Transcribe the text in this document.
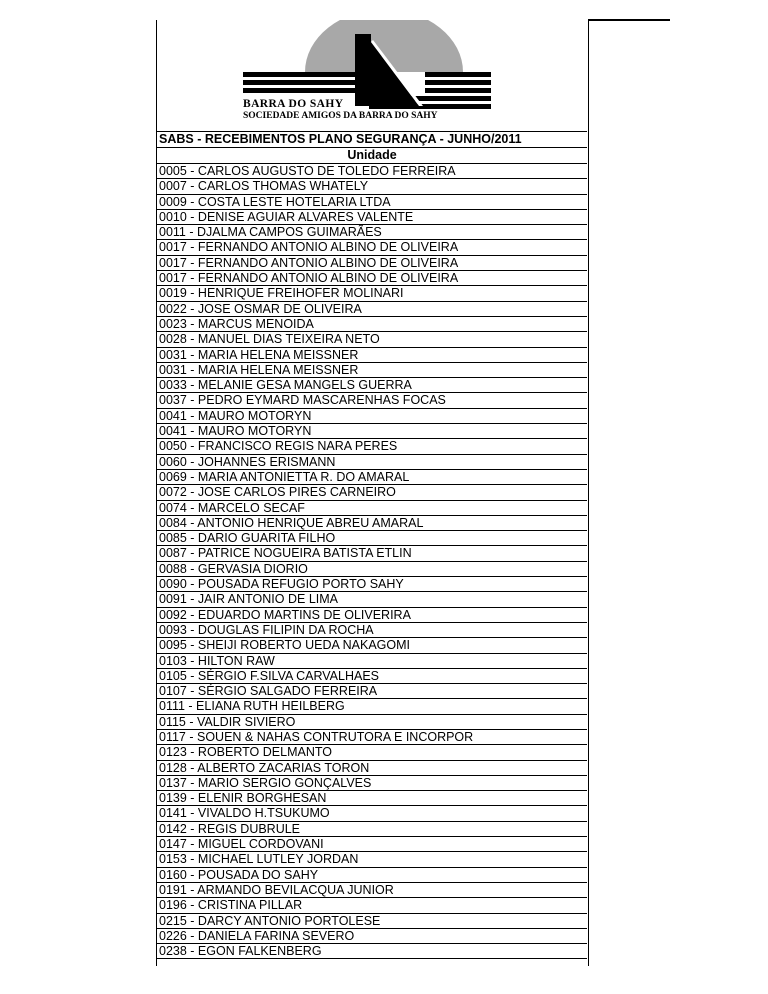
BARRA DO SAHY
SOCIEDADE AMIGOS DA BARRA DO SAHY
SABS - RECEBIMENTOS PLANO SEGURANÇA - JUNHO/2011
Unidade
0005 - CARLOS AUGUSTO DE TOLEDO FERREIRA
0007 - CARLOS THOMAS WHATELY
0009 - COSTA LESTE HOTELARIA LTDA
0010 - DENISE AGUIAR ALVARES VALENTE
0011 - DJALMA CAMPOS GUIMARÃES
0017 - FERNANDO ANTONIO ALBINO DE OLIVEIRA
0017 - FERNANDO ANTONIO ALBINO DE OLIVEIRA
0017 - FERNANDO ANTONIO ALBINO DE OLIVEIRA
0019 - HENRIQUE FREIHOFER MOLINARI
0022 - JOSE OSMAR DE OLIVEIRA
0023 - MARCUS MENOIDA
0028 - MANUEL DIAS TEIXEIRA NETO
0031 - MARIA HELENA MEISSNER
0031 - MARIA HELENA MEISSNER
0033 - MELANIE GESA MANGELS GUERRA
0037 - PEDRO EYMARD MASCARENHAS FOCAS
0041 - MAURO MOTORYN
0041 - MAURO MOTORYN
0050 - FRANCISCO REGIS NARA PERES
0060 - JOHANNES ERISMANN
0069 - MARIA ANTONIETTA R. DO AMARAL
0072 - JOSE CARLOS PIRES CARNEIRO
0074 - MARCELO SECAF
0084 - ANTONIO HENRIQUE ABREU AMARAL
0085 - DARIO GUARITA FILHO
0087 - PATRICE NOGUEIRA BATISTA ETLIN
0088 - GERVASIA DIORIO
0090 - POUSADA REFUGIO PORTO SAHY
0091 - JAIR ANTONIO DE LIMA
0092 - EDUARDO MARTINS DE OLIVERIRA
0093 - DOUGLAS FILIPIN DA ROCHA
0095 - SHEIJI ROBERTO UEDA NAKAGOMI
0103 - HILTON RAW
0105 - SÉRGIO F.SILVA CARVALHAES
0107 - SÉRGIO SALGADO FERREIRA
0111 - ELIANA RUTH HEILBERG
0115 - VALDIR SIVIERO
0117 - SOUEN & NAHAS CONTRUTORA E INCORPOR
0123 - ROBERTO DELMANTO
0128 - ALBERTO ZACARIAS TORON
0137 - MARIO SERGIO GONÇALVES
0139 - ELENIR BORGHESAN
0141 - VIVALDO H.TSUKUMO
0142 - REGIS DUBRULE
0147 - MIGUEL CORDOVANI
0153 - MICHAEL LUTLEY JORDAN
0160 - POUSADA DO SAHY
0191 - ARMANDO BEVILACQUA JUNIOR
0196 - CRISTINA PILLAR
0215 - DARCY ANTONIO PORTOLESE
0226 - DANIELA FARINA SEVERO
0238 - EGON FALKENBERG
